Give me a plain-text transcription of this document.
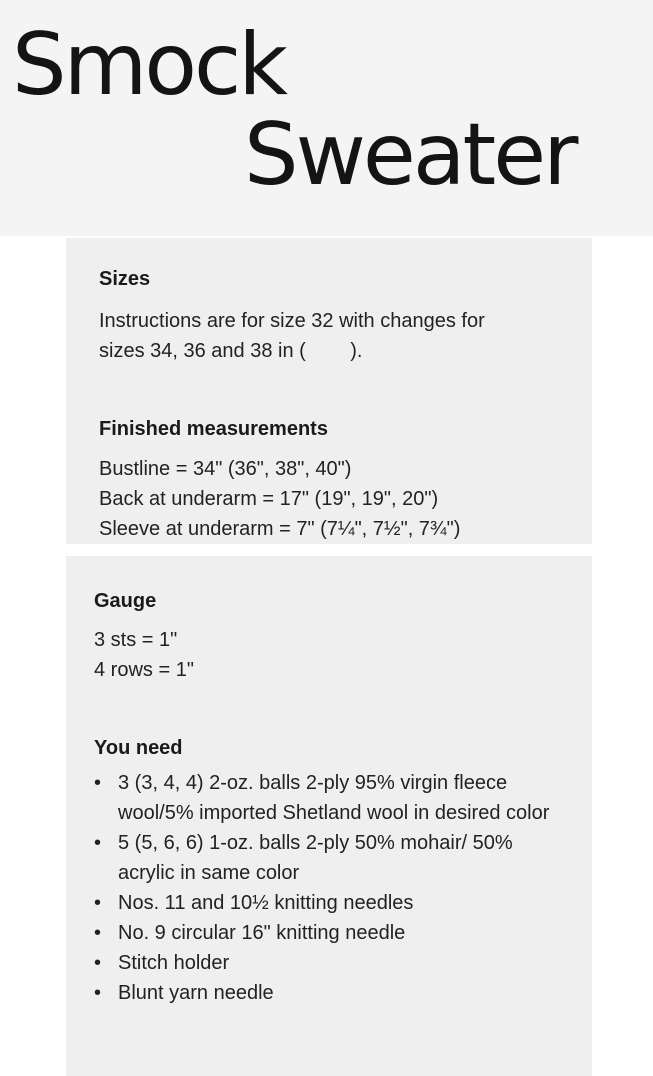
Smock
Sweater
Sizes

Instructions are for size 32 with changes for

sizes 34, 36 and 38 in (        ).

Finished measurements

Bustline = 34" (36", 38", 40")

Back at underarm = 17" (19", 19", 20")

Sleeve at underarm = 7" (7¼", 7½", 7¾")

Gauge

3 sts = 1"

4 rows = 1"

You need
• 3 (3, 4, 4) 2-oz. balls 2-ply 95% virgin fleece wool/5% imported Shetland wool in desired color
• 5 (5, 6, 6) 1-oz. balls 2-ply 50% mohair/ 50% acrylic in same color
• Nos. 11 and 10½ knitting needles
• No. 9 circular 16" knitting needle
• Stitch holder
• Blunt yarn needle
